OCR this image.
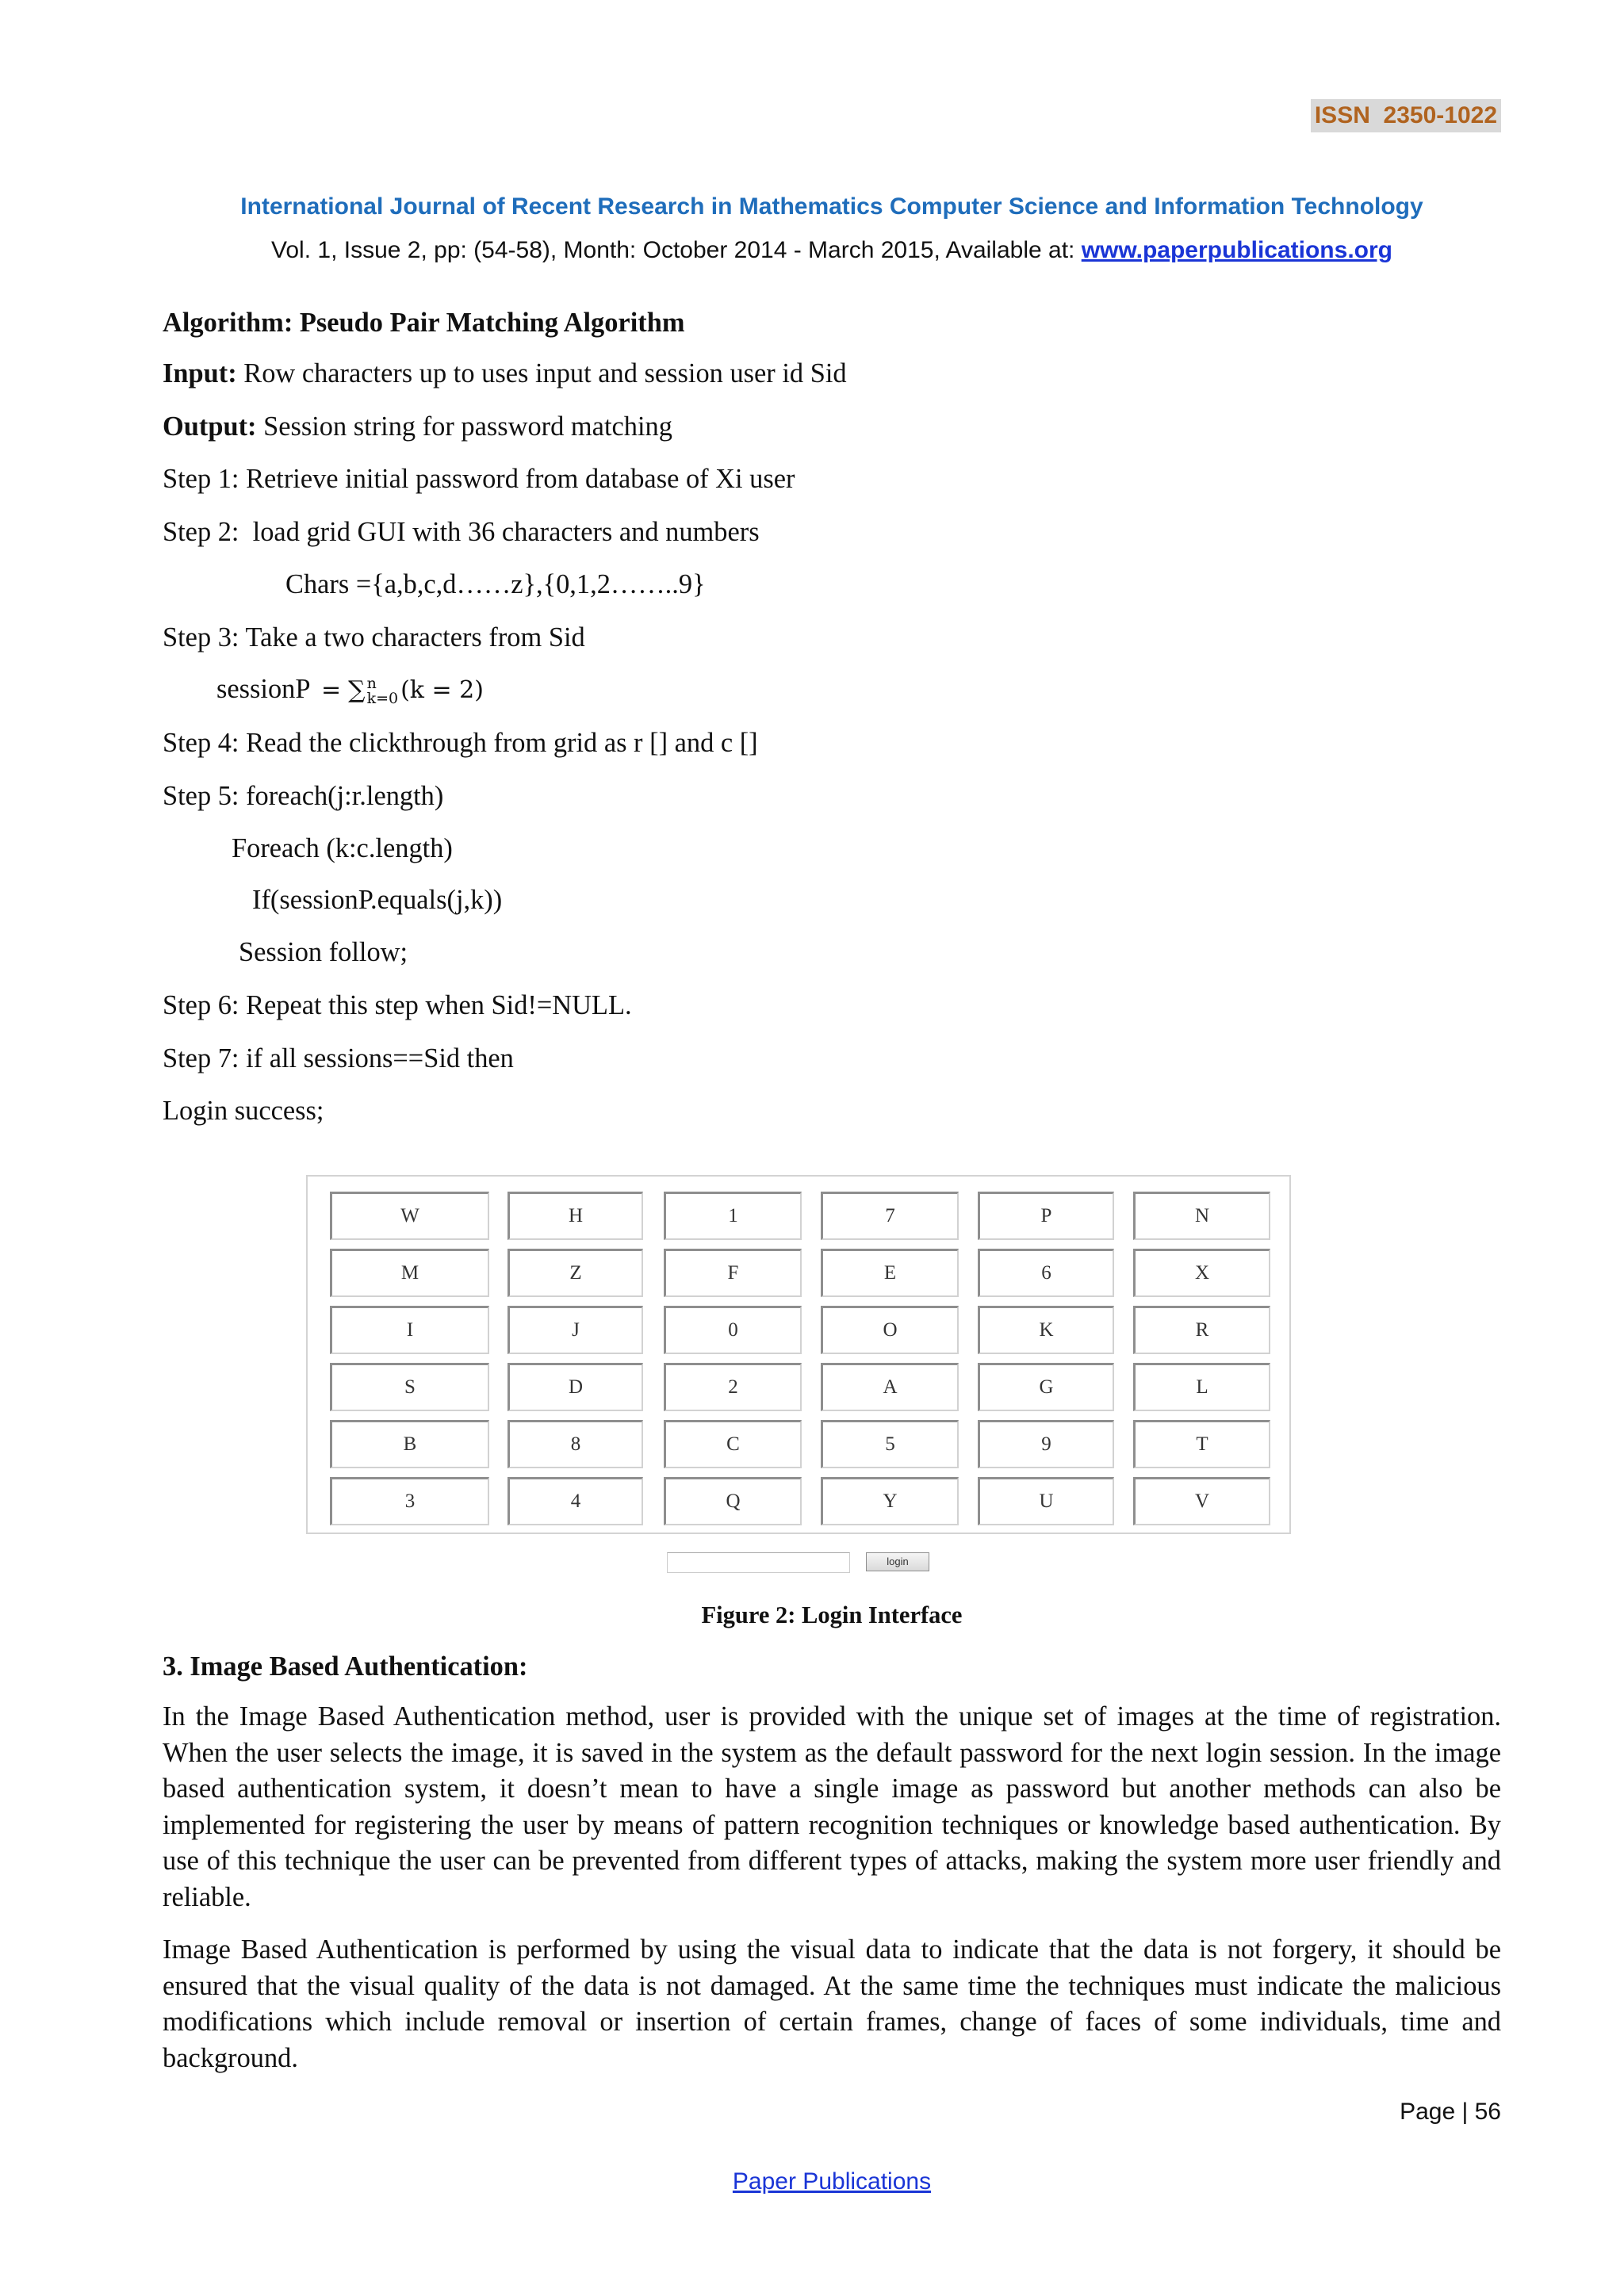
ISSN  2350-1022
International Journal of Recent Research in Mathematics Computer Science and Information Technology
Vol. 1, Issue 2, pp: (54-58), Month: October 2014 - March 2015, Available at: www.paperpublications.org
Algorithm: Pseudo Pair Matching Algorithm
Input: Row characters up to uses input and session user id Sid
Output: Session string for password matching
Step 1: Retrieve initial password from database of Xi user
Step 2:  load grid GUI with 36 characters and numbers
Chars ={a,b,c,d……z},{0,1,2……..9}
Step 3: Take a two characters from Sid
sessionP = ∑ n
k=0 (k = 2)
Step 4: Read the clickthrough from grid as r [] and c []
Step 5: foreach(j:r.length)
Foreach (k:c.length)
If(sessionP.equals(j,k))
Session follow;
Step 6: Repeat this step when Sid!=NULL.
Step 7: if all sessions==Sid then
Login success;
W	H	1	7	P	N
M	Z	F	E	6	X
I	J	0	O	K	R
S	D	2	A	G	L
B	8	C	5	9	T
3	4	Q	Y	U	V
login
Figure 2: Login Interface
3. Image Based Authentication:

In the Image Based Authentication method, user is provided with the unique set of images at the time of registration. When the user selects the image, it is saved in the system as the default password for the next login session. In the image based authentication system, it doesn’t mean to have a single image as password but another methods can also be implemented for registering the user by means of pattern recognition techniques or knowledge based authentication. By use of this technique the user can be prevented from different types of attacks, making the system more user friendly and reliable.

Image Based Authentication is performed by using the visual data to indicate that the data is not forgery, it should be ensured that the visual quality of the data is not damaged. At the same time the techniques must indicate the malicious modifications which include removal or insertion of certain frames, change of faces of some individuals, time and background.

Page | 56
Paper Publications
